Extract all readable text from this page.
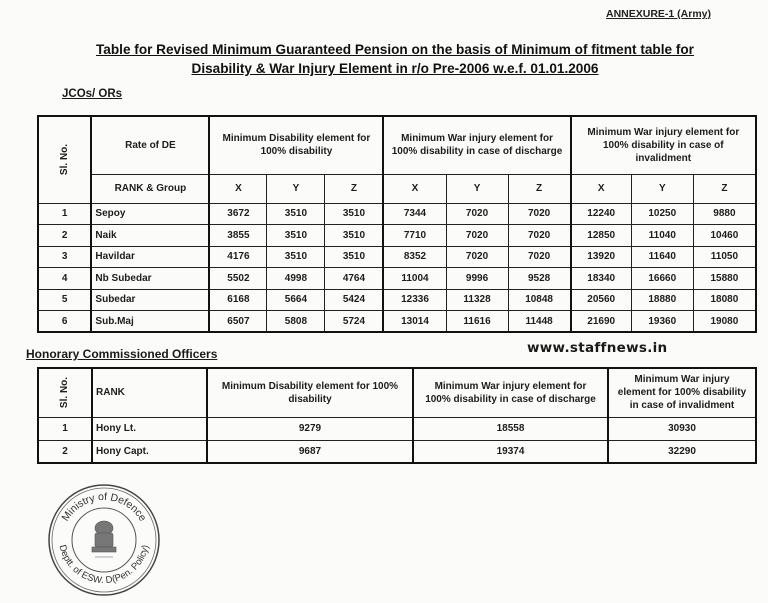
ANNEXURE-1 (Army)
Table for Revised Minimum Guaranteed Pension on the basis of Minimum of fitment table for
Disability & War Injury Element in r/o Pre-2006 w.e.f. 01.01.2006
JCOs/ ORs
Sl. No.	Rate of DE	Minimum Disability element for 100% disability			Minimum War injury element for 100% disability in case of discharge			Minimum War injury element for 100% disability in case of invalidment		
	RANK & Group	X	Y	Z	X	Y	Z	X	Y	Z
1	Sepoy	3672	3510	3510	7344	7020	7020	12240	10250	9880
2	Naik	3855	3510	3510	7710	7020	7020	12850	11040	10460
3	Havildar	4176	3510	3510	8352	7020	7020	13920	11640	11050
4	Nb Subedar	5502	4998	4764	11004	9996	9528	18340	16660	15880
5	Subedar	6168	5664	5424	12336	11328	10848	20560	18880	18080
6	Sub.Maj	6507	5808	5724	13014	11616	11448	21690	19360	19080
Honorary Commissioned Officers	www.staffnews.in
Sl. No.	RANK	Minimum Disability element for 100% disability	Minimum War injury element for 100% disability in case of discharge	Minimum War injury element for 100% disability in case of invalidment
1	Hony Lt.	9279	18558	30930
2	Hony Capt.	9687	19374	32290
Ministry of Defence
Deptt. of ESW. D(Pen. Policy)
